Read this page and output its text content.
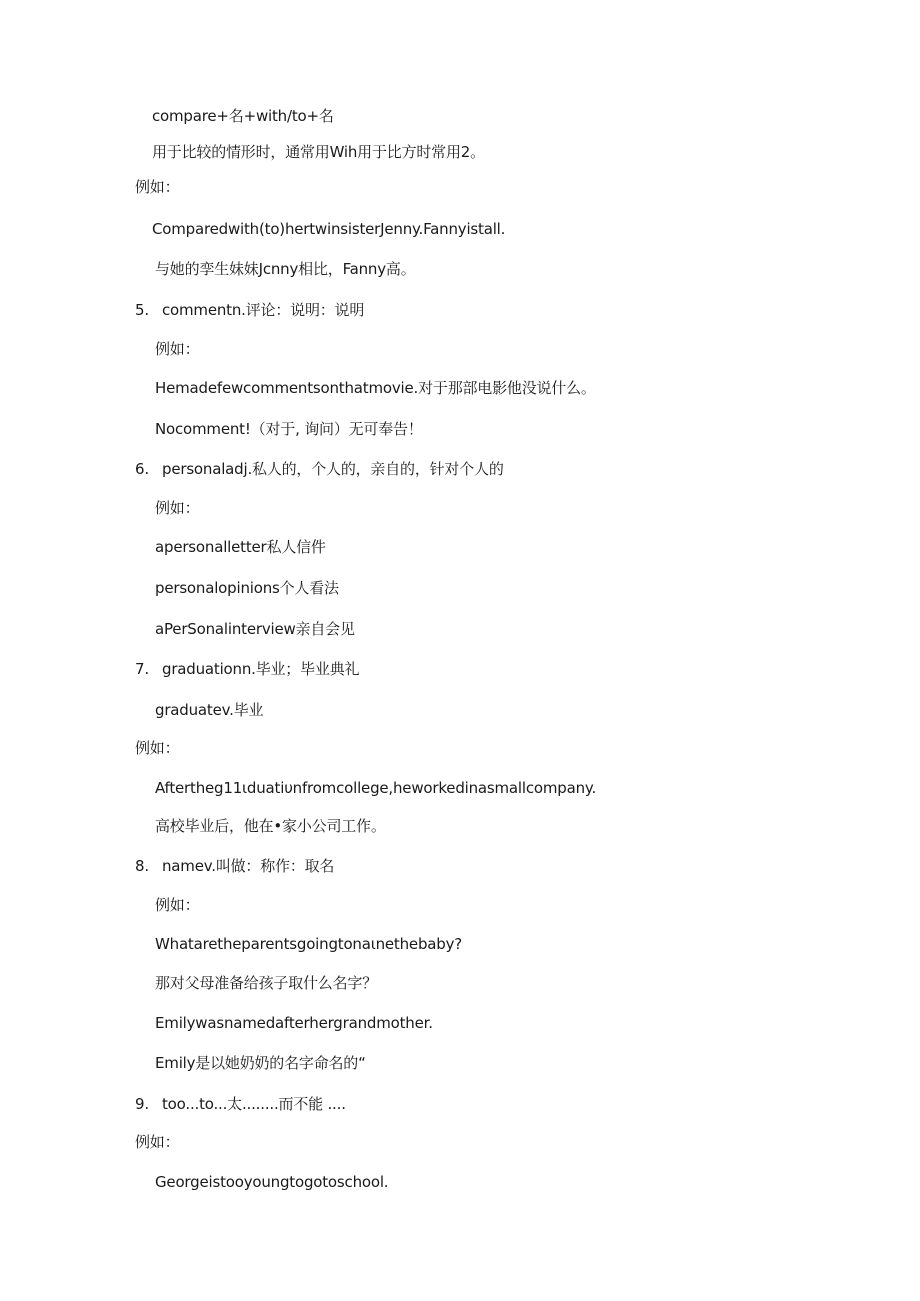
compare+名+with/to+名
用于比较的情形时，通常用Wih用于比方时常用2。
例如：
Comparedwith(to)hertwinsisterJenny.Fannyistall.
与她的孪生妹妹Jcnny相比，Fanny高。
5. commentn.评论：说明：说明
例如：
Hemadefewcommentsonthatmovie.对于那部电影他没说什么。
Nocomment!（对于, 询问）无可奉告！
6. personaladj.私人的，个人的，亲自的，针对个人的
例如：
apersonalletter私人信件
personalopinions个人看法
aPerSonalinterview亲自会见
7. graduationn.毕业；毕业典礼
graduatev.毕业
例如：
Aftertheg11ιduatiυnfromcollege,heworkedinasmallcompany.
高校毕业后，他在•家小公司工作。
8. namev.叫做：称作：取名
例如：
Whataretheparentsgoingtonaιnethebaby?
那对父母准备给孩子取什么名字？
Emilywasnamedafterhergrandmother.
Emily是以她奶奶的名字命名的“
9. too...to...太........而不能 ....
例如：
Georgeistooyoungtogotoschool.
